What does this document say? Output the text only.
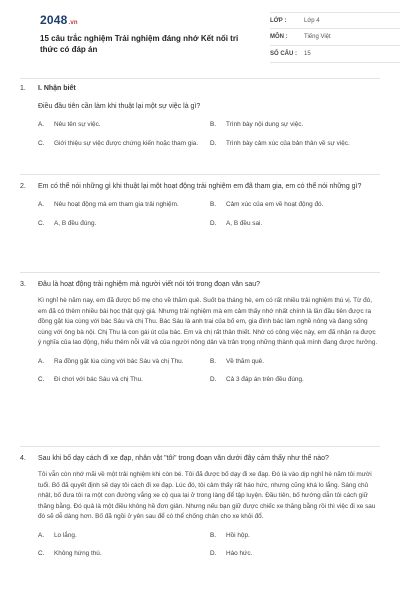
2048.vn
15 câu trắc nghiệm Trải nghiệm đáng nhớ Kết nối tri thức có đáp án
LỚP :	Lớp 4
MÔN :	Tiếng Việt
SỐ CÂU :	15
1.	I. Nhận biết
Điều đầu tiên cần làm khi thuật lại một sự việc là gì?
A.	Nêu tên sự việc.	B.	Trình bày nội dung sự việc.
C.	Giới thiệu sự việc được chứng kiến hoặc tham gia.	D.	Trình bày cảm xúc của bản thân về sự việc.
2.	Em có thể nói những gì khi thuật lại một hoạt động trải nghiệm em đã tham gia, em có thể nói những gì?
A.	Nêu hoạt động mà em tham gia trải nghiệm.	B.	Cảm xúc của em về hoạt động đó.
C.	A, B đều đúng.	D.	A, B đều sai.
3.	Đâu là hoạt động trải nghiệm mà người viết nói tới trong đoạn văn sau?
Kì nghỉ hè năm nay, em đã được bố mẹ cho về thăm quê. Suốt ba tháng hè, em có rất nhiều trải nghiệm thú vị. Từ đó, em đã có thêm nhiều bài học thật quý giá. Nhưng trải nghiệm mà em cảm thấy nhớ nhất chính là lần đầu tiên được ra đồng gặt lúa cùng với bác Sáu và chị Thu. Bác Sáu là anh trai của bố em, gia đình bác làm nghề nông và đang sống cùng với ông bà nội. Chị Thu là con gái út của bác. Em và chị rất thân thiết. Nhờ có công việc này, em đã nhận ra được ý nghĩa của lao động, hiểu thêm nỗi vất vả của người nông dân và trân trọng những thành quả mình đang được hưởng.
A.	Ra đồng gặt lúa cùng với bác Sáu và chị Thu.	B.	Về thăm quê.
C.	Đi chơi với bác Sáu và chị Thu.	D.	Cả 3 đáp án trên đều đúng.
4.	Sau khi bố dạy cách đi xe đạp, nhân vật "tôi" trong đoạn văn dưới đây cảm thấy như thế nào?
Tôi vẫn còn nhớ mãi về một trải nghiệm khi còn bé. Tôi đã được bố dạy đi xe đạp. Đó là vào dịp nghỉ hè năm tôi mười tuổi. Bố đã quyết định sẽ dạy tôi cách đi xe đạp. Lúc đó, tôi cảm thấy rất háo hức, nhưng cũng khá lo lắng. Sáng chủ nhật, bố đưa tôi ra một con đường vắng xe cộ qua lại ở trong làng để tập luyện. Đầu tiên, bố hướng dẫn tôi cách giữ thăng bằng. Đó quả là một điều không hề đơn giản. Nhưng nếu bạn giữ được chiếc xe thăng bằng rồi thì việc đi xe sau đó sẽ dễ dàng hơn. Bố đã ngồi ở yên sau để có thể chống chân cho xe khỏi đổ.
A.	Lo lắng.	B.	Hồi hộp.
C.	Không hứng thú.	D.	Háo hức.
